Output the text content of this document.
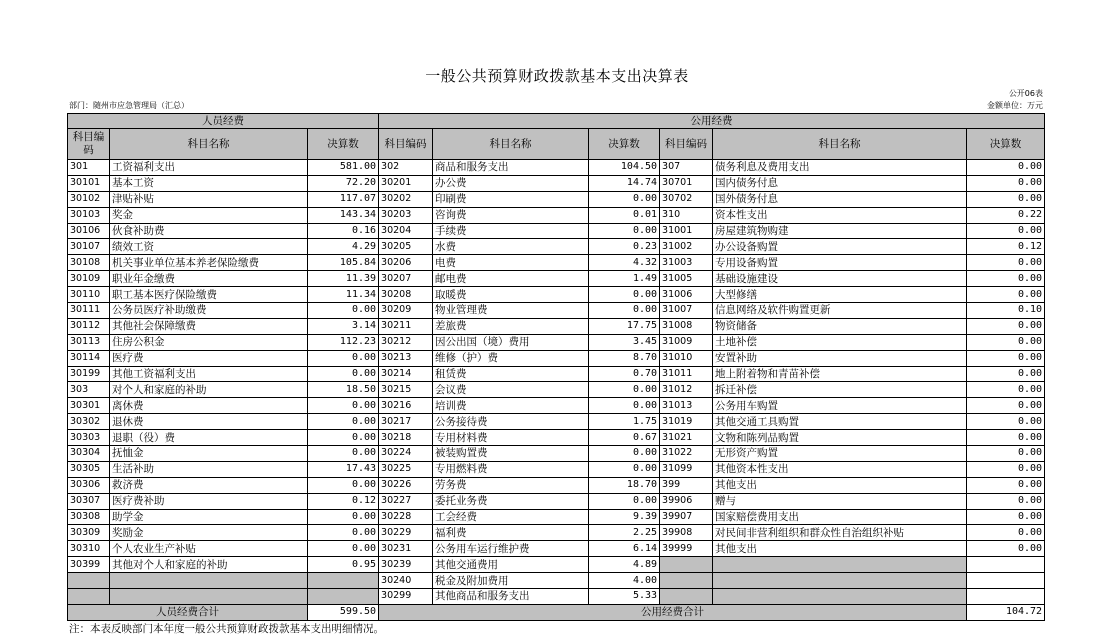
一般公共预算财政拨款基本支出决算表
公开06表
部门：随州市应急管理局（汇总）	金额单位：万元
人员经费			公用经费					
科目编码	科目名称	决算数	科目编码	科目名称	决算数	科目编码	科目名称	决算数
301	工资福利支出	581.00	302	商品和服务支出	104.50	307	债务利息及费用支出	0.00
30101	基本工资	72.20	30201	办公费	14.74	30701	国内债务付息	0.00
30102	津贴补贴	117.07	30202	印刷费	0.00	30702	国外债务付息	0.00
30103	奖金	143.34	30203	咨询费	0.01	310	资本性支出	0.22
30106	伙食补助费	0.16	30204	手续费	0.00	31001	房屋建筑物购建	0.00
30107	绩效工资	4.29	30205	水费	0.23	31002	办公设备购置	0.12
30108	机关事业单位基本养老保险缴费	105.84	30206	电费	4.32	31003	专用设备购置	0.00
30109	职业年金缴费	11.39	30207	邮电费	1.49	31005	基础设施建设	0.00
30110	职工基本医疗保险缴费	11.34	30208	取暖费	0.00	31006	大型修缮	0.00
30111	公务员医疗补助缴费	0.00	30209	物业管理费	0.00	31007	信息网络及软件购置更新	0.10
30112	其他社会保障缴费	3.14	30211	差旅费	17.75	31008	物资储备	0.00
30113	住房公积金	112.23	30212	因公出国（境）费用	3.45	31009	土地补偿	0.00
30114	医疗费	0.00	30213	维修（护）费	8.70	31010	安置补助	0.00
30199	其他工资福利支出	0.00	30214	租赁费	0.70	31011	地上附着物和青苗补偿	0.00
303	对个人和家庭的补助	18.50	30215	会议费	0.00	31012	拆迁补偿	0.00
30301	离休费	0.00	30216	培训费	0.00	31013	公务用车购置	0.00
30302	退休费	0.00	30217	公务接待费	1.75	31019	其他交通工具购置	0.00
30303	退职（役）费	0.00	30218	专用材料费	0.67	31021	文物和陈列品购置	0.00
30304	抚恤金	0.00	30224	被装购置费	0.00	31022	无形资产购置	0.00
30305	生活补助	17.43	30225	专用燃料费	0.00	31099	其他资本性支出	0.00
30306	救济费	0.00	30226	劳务费	18.70	399	其他支出	0.00
30307	医疗费补助	0.12	30227	委托业务费	0.00	39906	赠与	0.00
30308	助学金	0.00	30228	工会经费	9.39	39907	国家赔偿费用支出	0.00
30309	奖励金	0.00	30229	福利费	2.25	39908	对民间非营利组织和群众性自治组织补贴	0.00
30310	个人农业生产补贴	0.00	30231	公务用车运行维护费	6.14	39999	其他支出	0.00
30399	其他对个人和家庭的补助	0.95	30239	其他交通费用	4.89			
			30240	税金及附加费用	4.00			
			30299	其他商品和服务支出	5.33			
人员经费合计		599.50	公用经费合计					104.72
注：本表反映部门本年度一般公共预算财政拨款基本支出明细情况。
